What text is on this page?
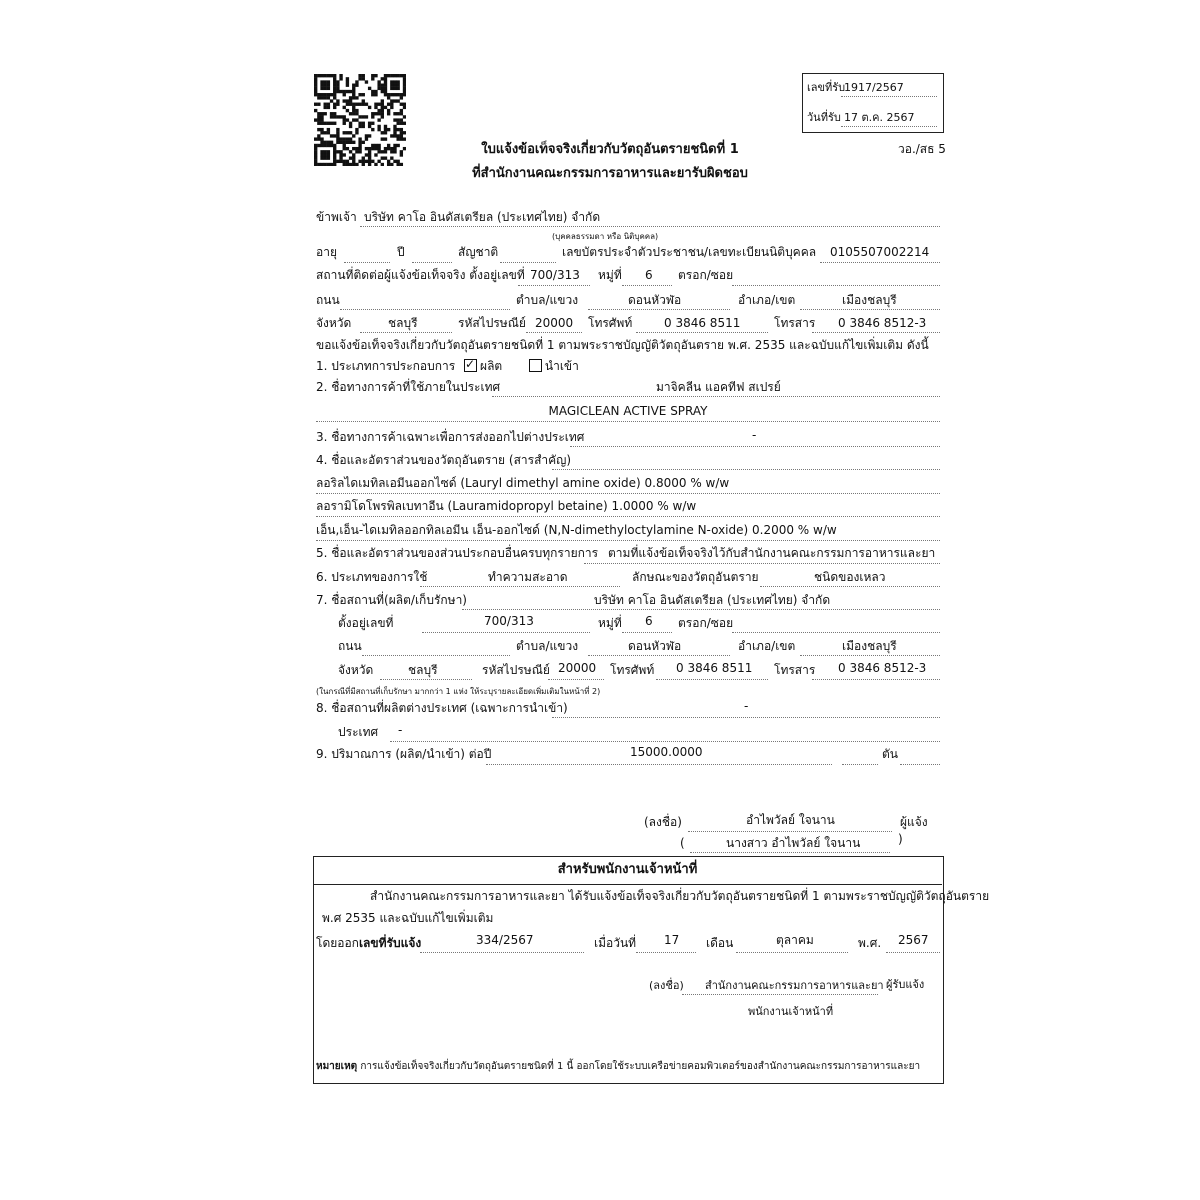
เลขที่รับ
1917/2567
วันที่รับ 17 ต.ค. 2567
ใบแจ้งข้อเท็จจริงเกี่ยวกับวัตถุอันตรายชนิดที่ 1
ที่สำนักงานคณะกรรมการอาหารและยารับผิดชอบ
วอ./สธ 5
ข้าพเจ้า บริษัท คาโอ อินดัสเตรียล (ประเทศไทย) จำกัด
(บุคคลธรรมดา หรือ นิติบุคคล)
อายุ	ปี	สัญชาติ	เลขบัตรประจำตัวประชาชน/เลขทะเบียนนิติบุคคล 0105507002214
สถานที่ติดต่อผู้แจ้งข้อเท็จจริง ตั้งอยู่เลขที่ 700/313 หมู่ที่ 6 ตรอก/ซอย
ถนน	ตำบล/แขวง	ดอนหัวฬ่อ	อำเภอ/เขต	เมืองชลบุรี
จังหวัด	ชลบุรี	รหัสไปรษณีย์ 20000 โทรศัพท์	0 3846 8511	โทรสาร 0 3846 8512-3
ขอแจ้งข้อเท็จจริงเกี่ยวกับวัตถุอันตรายชนิดที่ 1 ตามพระราชบัญญัติวัตถุอันตราย พ.ศ. 2535 และฉบับแก้ไขเพิ่มเติม ดังนี้
1. ประเภทการประกอบการ ✓ ผลิต	นำเข้า
2. ชื่อทางการค้าที่ใช้ภายในประเทศ	มาจิคลีน แอคทีฟ สเปรย์
MAGICLEAN ACTIVE SPRAY
3. ชื่อทางการค้าเฉพาะเพื่อการส่งออกไปต่างประเทศ	-
4. ชื่อและอัตราส่วนของวัตถุอันตราย (สารสำคัญ)
ลอริลไดเมทิลเอมีนออกไซด์ (Lauryl dimethyl amine oxide) 0.8000 % w/w
ลอรามิโดโพรพิลเบทาอีน (Lauramidopropyl betaine) 1.0000 % w/w
เอ็น,เอ็น-ไดเมทิลออกทิลเอมีน เอ็น-ออกไซด์ (N,N-dimethyloctylamine N-oxide) 0.2000 % w/w
5. ชื่อและอัตราส่วนของส่วนประกอบอื่นครบทุกรายการ ตามที่แจ้งข้อเท็จจริงไว้กับสำนักงานคณะกรรมการอาหารและยา
6. ประเภทของการใช้	ทำความสะอาด	ลักษณะของวัตถุอันตราย	ชนิดของเหลว
7. ชื่อสถานที่(ผลิต/เก็บรักษา)	บริษัท คาโอ อินดัสเตรียล (ประเทศไทย) จำกัด
ตั้งอยู่เลขที่	700/313	หมู่ที่ 6 ตรอก/ซอย
ถนน	ตำบล/แขวง	ดอนหัวฬ่อ	อำเภอ/เขต	เมืองชลบุรี
จังหวัด	ชลบุรี	รหัสไปรษณีย์ 20000 โทรศัพท์ 0 3846 8511 โทรสาร 0 3846 8512-3
(ในกรณีที่มีสถานที่เก็บรักษา มากกว่า 1 แห่ง ให้ระบุรายละเอียดเพิ่มเติมในหน้าที่ 2)
8. ชื่อสถานที่ผลิตต่างประเทศ (เฉพาะการนำเข้า)	-
ประเทศ -
9. ปริมาณการ (ผลิต/นำเข้า) ต่อปี	15000.0000	ตัน
(ลงชื่อ)	อำไพวัลย์ ใจนาน	ผู้แจ้ง
(	นางสาว อำไพวัลย์ ใจนาน	)
สำหรับพนักงานเจ้าหน้าที่
สำนักงานคณะกรรมการอาหารและยา ได้รับแจ้งข้อเท็จจริงเกี่ยวกับวัตถุอันตรายชนิดที่ 1 ตามพระราชบัญญัติวัตถุอันตราย
พ.ศ 2535 และฉบับแก้ไขเพิ่มเติม
โดยออกเลขที่รับแจ้ง	334/2567	เมื่อวันที่ 17 เดือน	ตุลาคม	พ.ศ. 2567
(ลงชื่อ) สำนักงานคณะกรรมการอาหารและยา ผู้รับแจ้ง
พนักงานเจ้าหน้าที่
หมายเหตุ การแจ้งข้อเท็จจริงเกี่ยวกับวัตถุอันตรายชนิดที่ 1 นี้ ออกโดยใช้ระบบเครือข่ายคอมพิวเตอร์ของสำนักงานคณะกรรมการอาหารและยา
